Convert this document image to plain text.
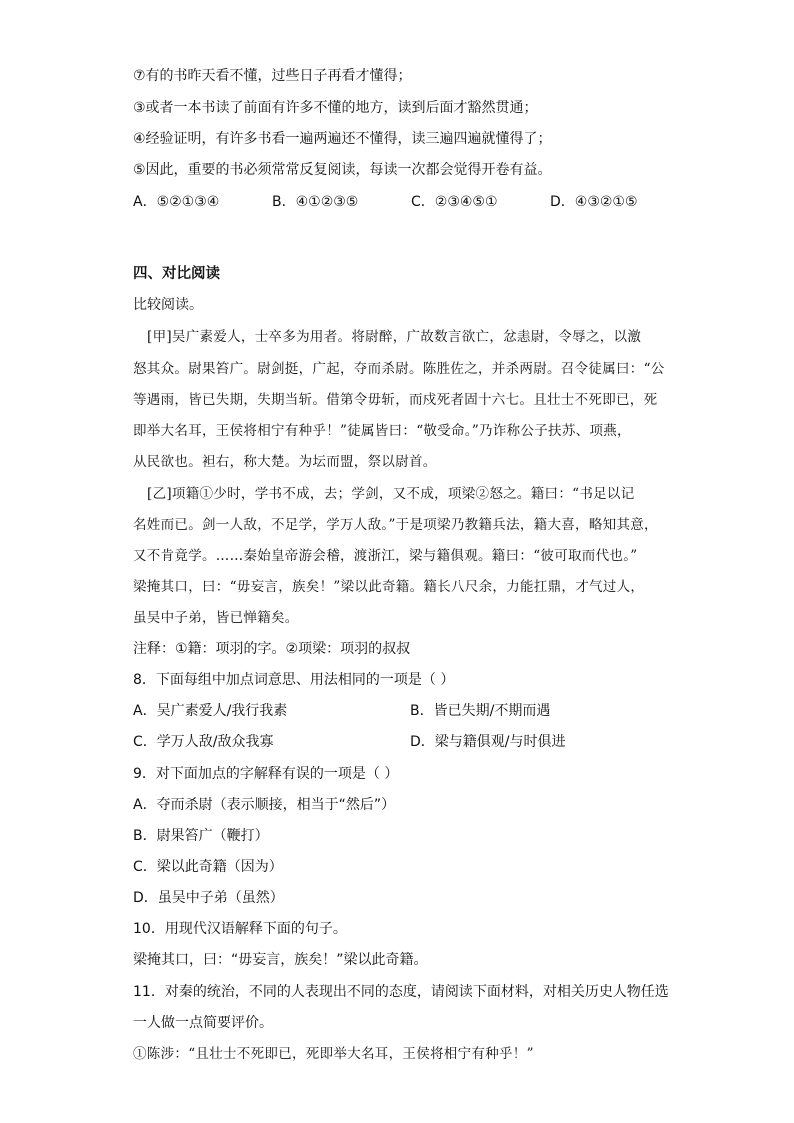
⑦有的书昨天看不懂，过些日子再看才懂得；
③或者一本书读了前面有许多不懂的地方，读到后面才豁然贯通；
④经验证明，有许多书看一遍两遍还不懂得，读三遍四遍就懂得了；
⑤因此，重要的书必须常常反复阅读，每读一次都会觉得开卷有益。
A．⑤②①③④	B．④①②③⑤	C．②③④⑤①	D．④③②①⑤
四、对比阅读
比较阅读。
[甲]吴广素爱人，士卒多为用者。将尉醉，广故数言欲亡，忿恚尉，令辱之，以激
怒其众。尉果笞广。尉剑挺，广起，夺而杀尉。陈胜佐之，并杀两尉。召令徒属曰：“公
等遇雨，皆已失期，失期当斩。借第令毋斩，而戍死者固十六七。且壮士不死即已，死
即举大名耳，王侯将相宁有种乎！”徒属皆曰：“敬受命。”乃诈称公子扶苏、项燕，
从民欲也。袒右，称大楚。为坛而盟，祭以尉首。
[乙]项籍①少时，学书不成，去；学剑，又不成，项梁②怒之。籍曰：“书足以记
名姓而已。剑一人敌，不足学，学万人敌。”于是项梁乃教籍兵法，籍大喜，略知其意，
又不肯竟学。……秦始皇帝游会稽，渡浙江，梁与籍俱观。籍曰：“彼可取而代也。”
梁掩其口，曰：“毋妄言，族矣！”梁以此奇籍。籍长八尺余，力能扛鼎，才气过人，
虽吴中子弟，皆已惮籍矣。
注释：①籍：项羽的字。②项梁：项羽的叔叔
8．下面每组中加点词意思、用法相同的一项是（ ）
A．吴广素爱人/我行我素	B．皆已失期/不期而遇
C．学万人敌/敌众我寡	D．梁与籍俱观/与时俱进
9．对下面加点的字解释有误的一项是（ ）
A．夺而杀尉（表示顺接，相当于“然后”）
B．尉果笞广（鞭打）
C．梁以此奇籍（因为）
D．虽吴中子弟（虽然）
10．用现代汉语解释下面的句子。
梁掩其口，曰：“毋妄言，族矣！”梁以此奇籍。
11．对秦的统治，不同的人表现出不同的态度，请阅读下面材料，对相关历史人物任选
一人做一点简要评价。
①陈涉：“且壮士不死即已，死即举大名耳，王侯将相宁有种乎！”
